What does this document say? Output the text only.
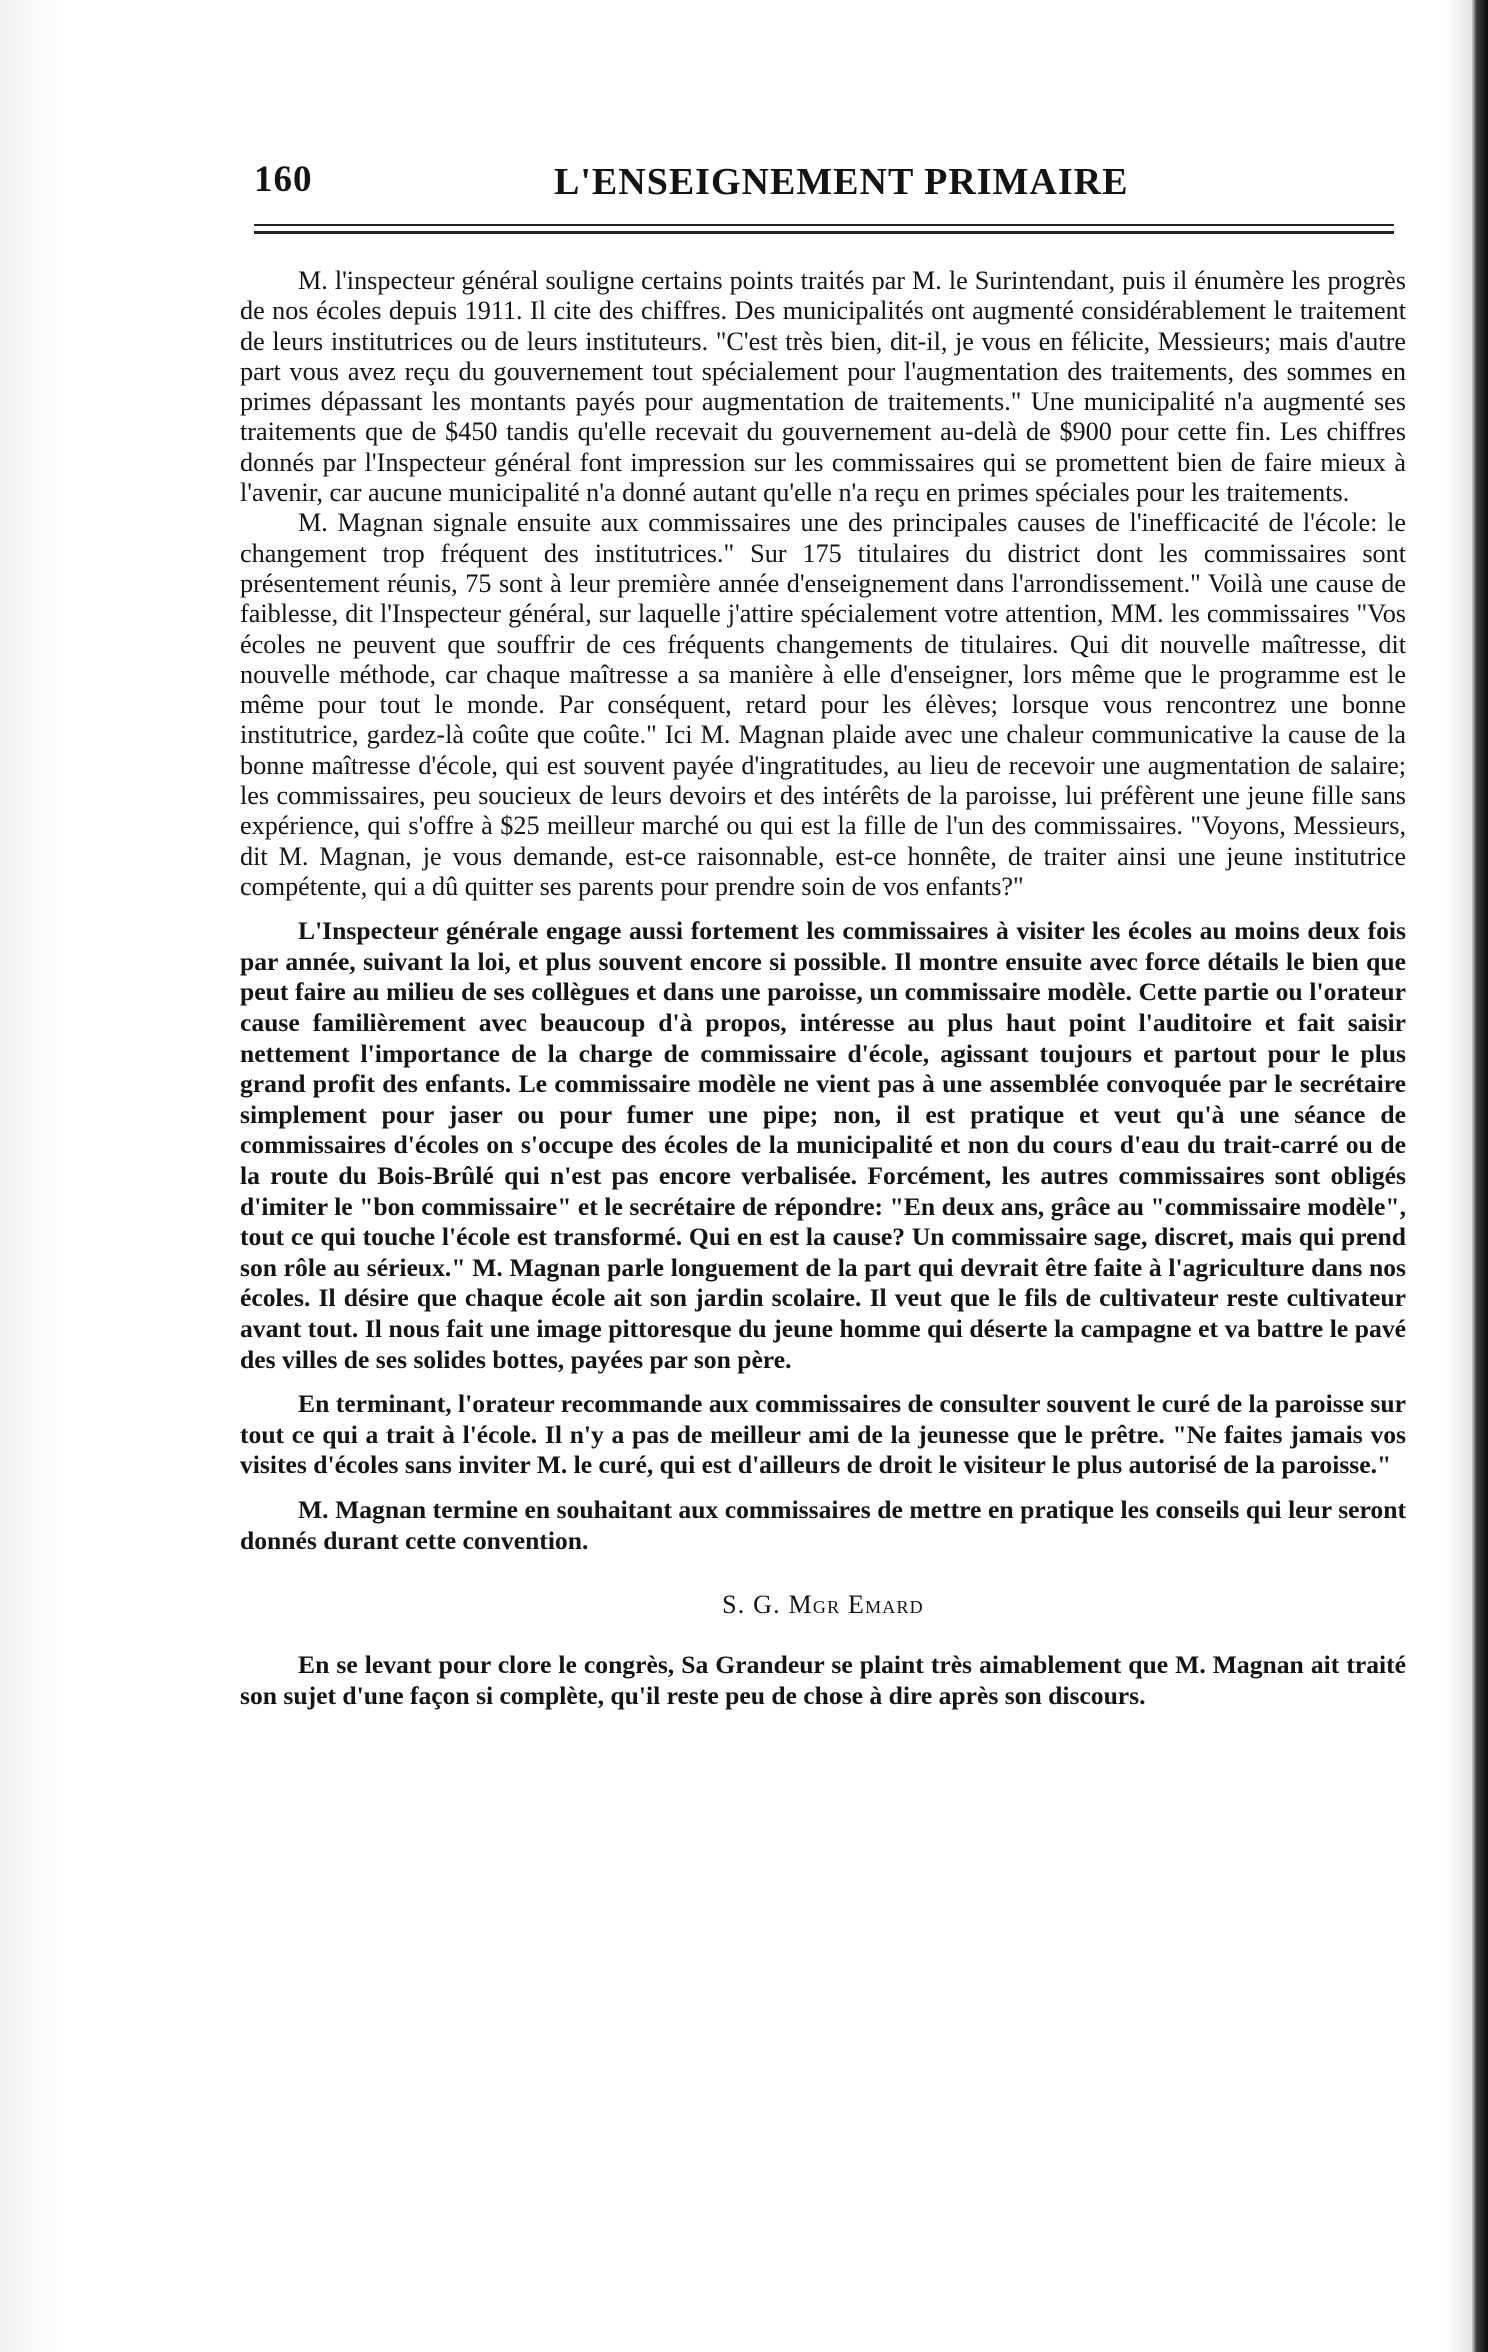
160	L'ENSEIGNEMENT PRIMAIRE

M. l'inspecteur général souligne certains points traités par M. le Surintendant, puis il énumère les progrès de nos écoles depuis 1911. Il cite des chiffres. Des municipalités ont augmenté considérablement le traitement de leurs institutrices ou de leurs instituteurs. "C'est très bien, dit-il, je vous en félicite, Messieurs; mais d'autre part vous avez reçu du gouvernement tout spécialement pour l'augmentation des traitements, des sommes en primes dépassant les montants payés pour augmentation de traitements." Une municipalité n'a augmenté ses traitements que de $450 tandis qu'elle recevait du gouvernement au-delà de $900 pour cette fin. Les chiffres donnés par l'Inspecteur général font impression sur les commissaires qui se promettent bien de faire mieux à l'avenir, car aucune municipalité n'a donné autant qu'elle n'a reçu en primes spéciales pour les traitements.

M. Magnan signale ensuite aux commissaires une des principales causes de l'inefficacité de l'école: le changement trop fréquent des institutrices." Sur 175 titulaires du district dont les commissaires sont présentement réunis, 75 sont à leur première année d'enseignement dans l'arrondissement." Voilà une cause de faiblesse, dit l'Inspecteur général, sur laquelle j'attire spécialement votre attention, MM. les commissaires "Vos écoles ne peuvent que souffrir de ces fréquents changements de titulaires. Qui dit nouvelle maîtresse, dit nouvelle méthode, car chaque maîtresse a sa manière à elle d'enseigner, lors même que le programme est le même pour tout le monde. Par conséquent, retard pour les élèves; lorsque vous rencontrez une bonne institutrice, gardez-là coûte que coûte." Ici M. Magnan plaide avec une chaleur communicative la cause de la bonne maîtresse d'école, qui est souvent payée d'ingratitudes, au lieu de recevoir une augmentation de salaire; les commissaires, peu soucieux de leurs devoirs et des intérêts de la paroisse, lui préfèrent une jeune fille sans expérience, qui s'offre à $25 meilleur marché ou qui est la fille de l'un des commissaires. "Voyons, Messieurs, dit M. Magnan, je vous demande, est-ce raisonnable, est-ce honnête, de traiter ainsi une jeune institutrice compétente, qui a dû quitter ses parents pour prendre soin de vos enfants?"

L'Inspecteur générale engage aussi fortement les commissaires à visiter les écoles au moins deux fois par année, suivant la loi, et plus souvent encore si possible. Il montre ensuite avec force détails le bien que peut faire au milieu de ses collègues et dans une paroisse, un commissaire modèle. Cette partie ou l'orateur cause familièrement avec beaucoup d'à propos, intéresse au plus haut point l'auditoire et fait saisir nettement l'importance de la charge de commissaire d'école, agissant toujours et partout pour le plus grand profit des enfants. Le commissaire modèle ne vient pas à une assemblée convoquée par le secrétaire simplement pour jaser ou pour fumer une pipe; non, il est pratique et veut qu'à une séance de commissaires d'écoles on s'occupe des écoles de la municipalité et non du cours d'eau du trait-carré ou de la route du Bois-Brûlé qui n'est pas encore verbalisée. Forcément, les autres commissaires sont obligés d'imiter le "bon commissaire" et le secrétaire de répondre: "En deux ans, grâce au "commissaire modèle", tout ce qui touche l'école est transformé. Qui en est la cause? Un commissaire sage, discret, mais qui prend son rôle au sérieux." M. Magnan parle longuement de la part qui devrait être faite à l'agriculture dans nos écoles. Il désire que chaque école ait son jardin scolaire. Il veut que le fils de cultivateur reste cultivateur avant tout. Il nous fait une image pittoresque du jeune homme qui déserte la campagne et va battre le pavé des villes de ses solides bottes, payées par son père.

En terminant, l'orateur recommande aux commissaires de consulter souvent le curé de la paroisse sur tout ce qui a trait à l'école. Il n'y a pas de meilleur ami de la jeunesse que le prêtre. "Ne faites jamais vos visites d'écoles sans inviter M. le curé, qui est d'ailleurs de droit le visiteur le plus autorisé de la paroisse."

M. Magnan termine en souhaitant aux commissaires de mettre en pratique les conseils qui leur seront donnés durant cette convention.

S. G. Mgr Emard

En se levant pour clore le congrès, Sa Grandeur se plaint très aimablement que M. Magnan ait traité son sujet d'une façon si complète, qu'il reste peu de chose à dire après son discours.
